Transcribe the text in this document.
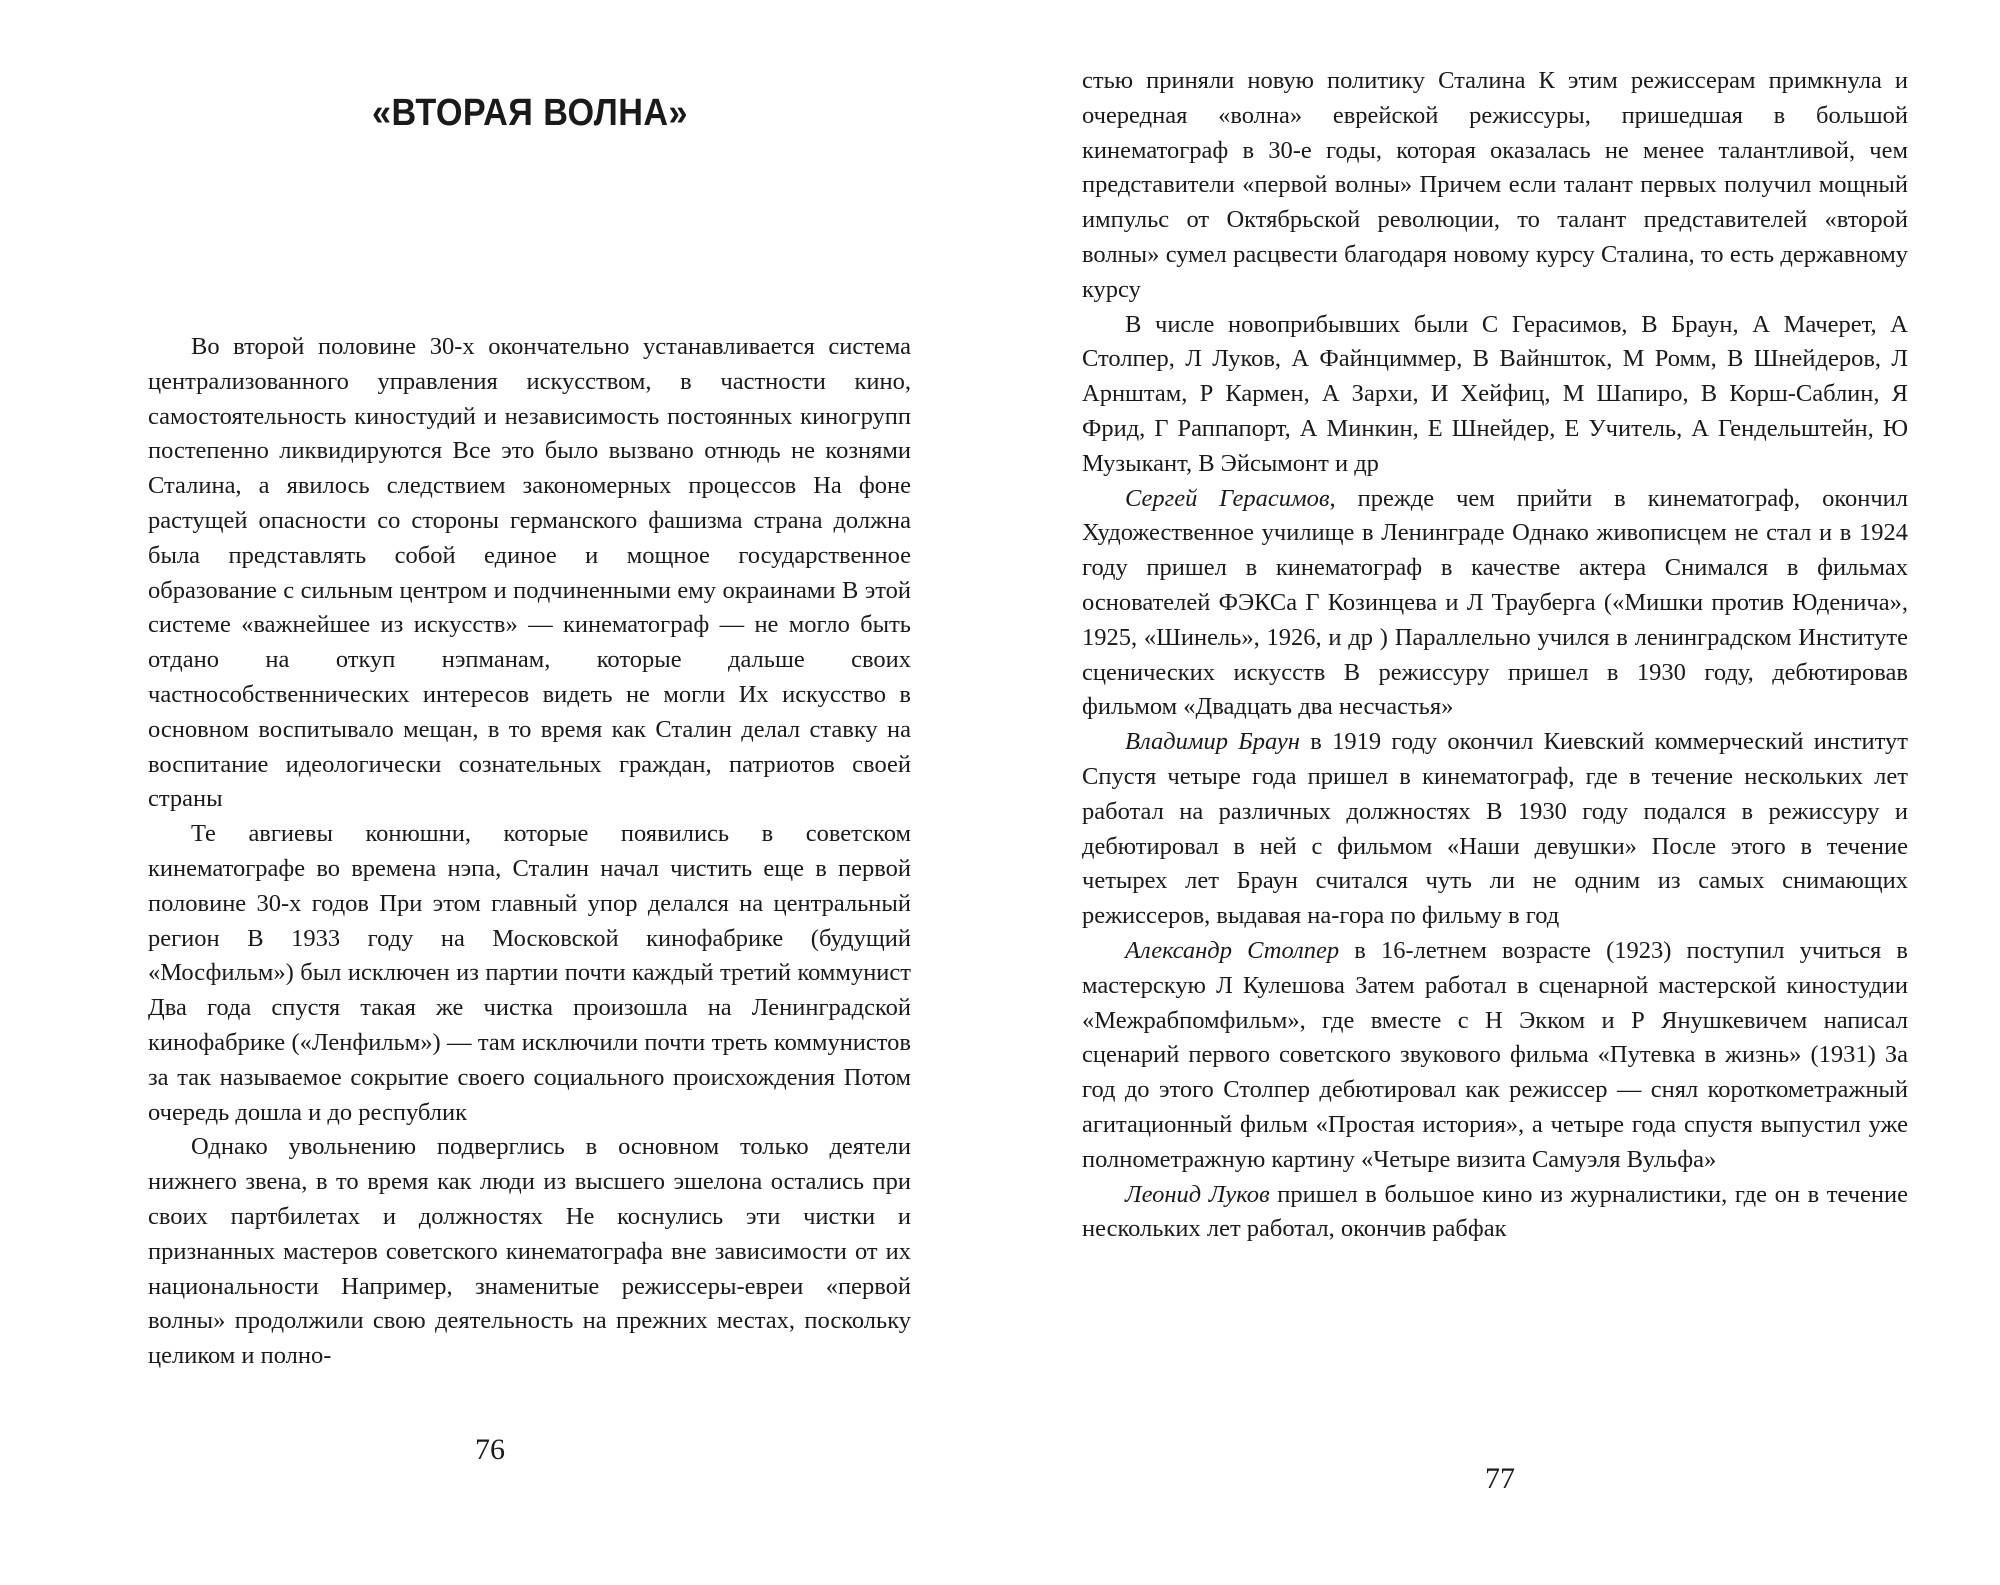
«ВТОРАЯ ВОЛНА»

Во второй половине 30-х окончательно устанавливается система централизованного управления искусством, в частности кино, самостоятельность киностудий и независимость постоянных киногрупп постепенно ликвидируются Все это было вызвано отнюдь не кознями Сталина, а явилось следствием закономерных процессов На фоне растущей опасности со стороны германского фашизма страна должна была представлять собой единое и мощное государственное образование с сильным центром и подчиненными ему окраинами В этой системе «важнейшее из искусств» — кинематограф — не могло быть отдано на откуп нэпманам, которые дальше своих частнособственнических интересов видеть не могли Их искусство в основном воспитывало мещан, в то время как Сталин делал ставку на воспитание идеологически сознательных граждан, патриотов своей страны

Те авгиевы конюшни, которые появились в советском кинематографе во времена нэпа, Сталин начал чистить еще в первой половине 30-х годов При этом главный упор делался на центральный регион В 1933 году на Московской кинофабрике (будущий «Мосфильм») был исключен из партии почти каждый третий коммунист Два года спустя такая же чистка произошла на Ленинградской кинофабрике («Ленфильм») — там исключили почти треть коммунистов за так называемое сокрытие своего социального происхождения Потом очередь дошла и до республик

Однако увольнению подверглись в основном только деятели нижнего звена, в то время как люди из высшего эшелона остались при своих партбилетах и должностях Не коснулись эти чистки и признанных мастеров советского кинематографа вне зависимости от их национальности Например, знаменитые режиссеры-евреи «первой волны» продолжили свою деятельность на прежних местах, поскольку целиком и полно-

76

стью приняли новую политику Сталина К этим режиссерам примкнула и очередная «волна» еврейской режиссуры, пришедшая в большой кинематограф в 30-е годы, которая оказалась не менее талантливой, чем представители «первой волны» Причем если талант первых получил мощный импульс от Октябрьской революции, то талант представителей «второй волны» сумел расцвести благодаря новому курсу Сталина, то есть державному курсу

В числе новоприбывших были С Герасимов, В Браун, А Мачерет, А Столпер, Л Луков, А Файнциммер, В Вайншток, М Ромм, В Шнейдеров, Л Арнштам, Р Кармен, А Зархи, И Хейфиц, М Шапиро, В Корш-Саблин, Я Фрид, Г Раппапорт, А Минкин, Е Шнейдер, Е Учитель, А Гендельштейн, Ю Музыкант, В Эйсымонт и др

Сергей Герасимов, прежде чем прийти в кинематограф, окончил Художественное училище в Ленинграде Однако живописцем не стал и в 1924 году пришел в кинематограф в качестве актера Снимался в фильмах основателей ФЭКСа Г Козинцева и Л Трауберга («Мишки против Юденича», 1925, «Шинель», 1926, и др ) Параллельно учился в ленинградском Институте сценических искусств В режиссуру пришел в 1930 году, дебютировав фильмом «Двадцать два несчастья»

Владимир Браун в 1919 году окончил Киевский коммерческий институт Спустя четыре года пришел в кинематограф, где в течение нескольких лет работал на различных должностях В 1930 году подался в режиссуру и дебютировал в ней с фильмом «Наши девушки» После этого в течение четырех лет Браун считался чуть ли не одним из самых снимающих режиссеров, выдавая на-гора по фильму в год

Александр Столпер в 16-летнем возрасте (1923) поступил учиться в мастерскую Л Кулешова Затем работал в сценарной мастерской киностудии «Межрабпомфильм», где вместе с Н Экком и Р Янушкевичем написал сценарий первого советского звукового фильма «Путевка в жизнь» (1931) За год до этого Столпер дебютировал как режиссер — снял короткометражный агитационный фильм «Простая история», а четыре года спустя выпустил уже полнометражную картину «Четыре визита Самуэля Вульфа»

Леонид Луков пришел в большое кино из журналистики, где он в течение нескольких лет работал, окончив рабфак

77
